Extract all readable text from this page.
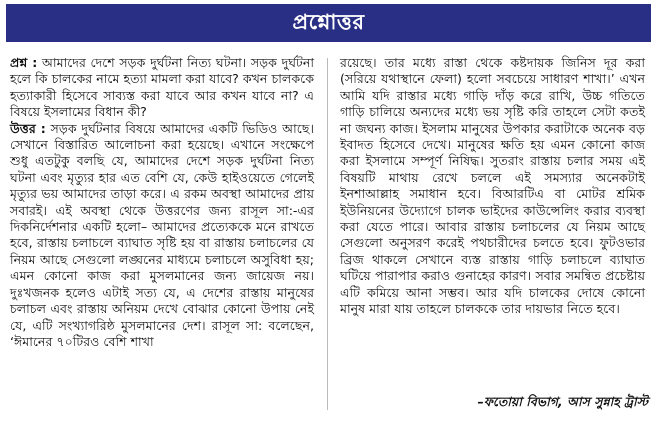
প্রশ্নোত্তর

প্রশ্ন : আমাদের দেশে সড়ক দুর্ঘটনা নিত্য ঘটনা। সড়ক দুর্ঘটনা হলে কি চালকের নামে হত্যা মামলা করা যাবে? কখন চালককে হত্যাকারী হিসেবে সাব্যস্ত করা যাবে আর কখন যাবে না? এ বিষয়ে ইসলামের বিধান কী?

উত্তর : সড়ক দুর্ঘটনার বিষয়ে আমাদের একটি ভিডিও আছে। সেখানে বিস্তারিত আলোচনা করা হয়েছে। এখানে সংক্ষেপে শুধু এতটুকু বলছি যে, আমাদের দেশে সড়ক দুর্ঘটনা নিত্য ঘটনা এবং মৃত্যুর হার এত বেশি যে, কেউ হাইওয়েতে গেলেই মৃত্যুর ভয় আমাদের তাড়া করে। এ রকম অবস্থা আমাদের প্রায় সবারই। এই অবস্থা থেকে উত্তরণের জন্য রাসূল সা:-এর দিকনির্দেশনার একটি হলো– আমাদের প্রত্যেককে মনে রাখতে হবে, রাস্তায় চলাচলে ব্যাঘাত সৃষ্টি হয় বা রাস্তায় চলাচলের যে নিয়ম আছে সেগুলো লঙ্ঘনের মাধ্যমে চলাচলে অসুবিধা হয়; এমন কোনো কাজ করা মুসলমানের জন্য জায়েজ নয়। দুঃখজনক হলেও এটাই সত্য যে, এ দেশের রাস্তায় মানুষের চলাচল এবং রাস্তায় অনিয়ম দেখে বোঝার কোনো উপায় নেই যে, এটি সংখ্যাগরিষ্ঠ মুসলমানের দেশ। রাসূল সা: বলেছেন, ‘ঈমানের ৭০টিরও বেশি শাখা

রয়েছে। তার মধ্যে রাস্তা থেকে কষ্টদায়ক জিনিস দূর করা (সরিয়ে যথাস্থানে ফেলা) হলো সবচেয়ে সাধারণ শাখা।’ এখন আমি যদি রাস্তার মধ্যে গাড়ি দাঁড় করে রাখি, উচ্চ গতিতে গাড়ি চালিয়ে অন্যদের মধ্যে ভয় সৃষ্টি করি তাহলে সেটা কতই না জঘন্য কাজ। ইসলাম মানুষের উপকার করাটাকে অনেক বড় ইবাদত হিসেবে দেখে। মানুষের ক্ষতি হয় এমন কোনো কাজ করা ইসলামে সম্পূর্ণ নিষিদ্ধ। সুতরাং রাস্তায় চলার সময় এই বিষয়টি মাথায় রেখে চললে এই সমস্যার অনেকটাই ইনশাআল্লাহ সমাধান হবে। বিআরটিএ বা মোটর শ্রমিক ইউনিয়নের উদ্যোগে চালক ভাইদের কাউন্সেলিং করার ব্যবস্থা করা যেতে পারে। আবার রাস্তায় চলাচলের যে নিয়ম আছে সেগুলো অনুসরণ করেই পথচারীদের চলতে হবে। ফুটওভার ব্রিজ থাকলে সেখানে ব্যস্ত রাস্তায় গাড়ি চলাচলে ব্যাঘাত ঘটিয়ে পারাপার করাও গুনাহের কারণ। সবার সমন্বিত প্রচেষ্টায় এটি কমিয়ে আনা সম্ভব। আর যদি চালকের দোষে কোনো মানুষ মারা যায় তাহলে চালককে তার দায়ভার নিতে হবে।

–ফতোয়া বিভাগ, আস সুন্নাহ ট্রাস্ট
